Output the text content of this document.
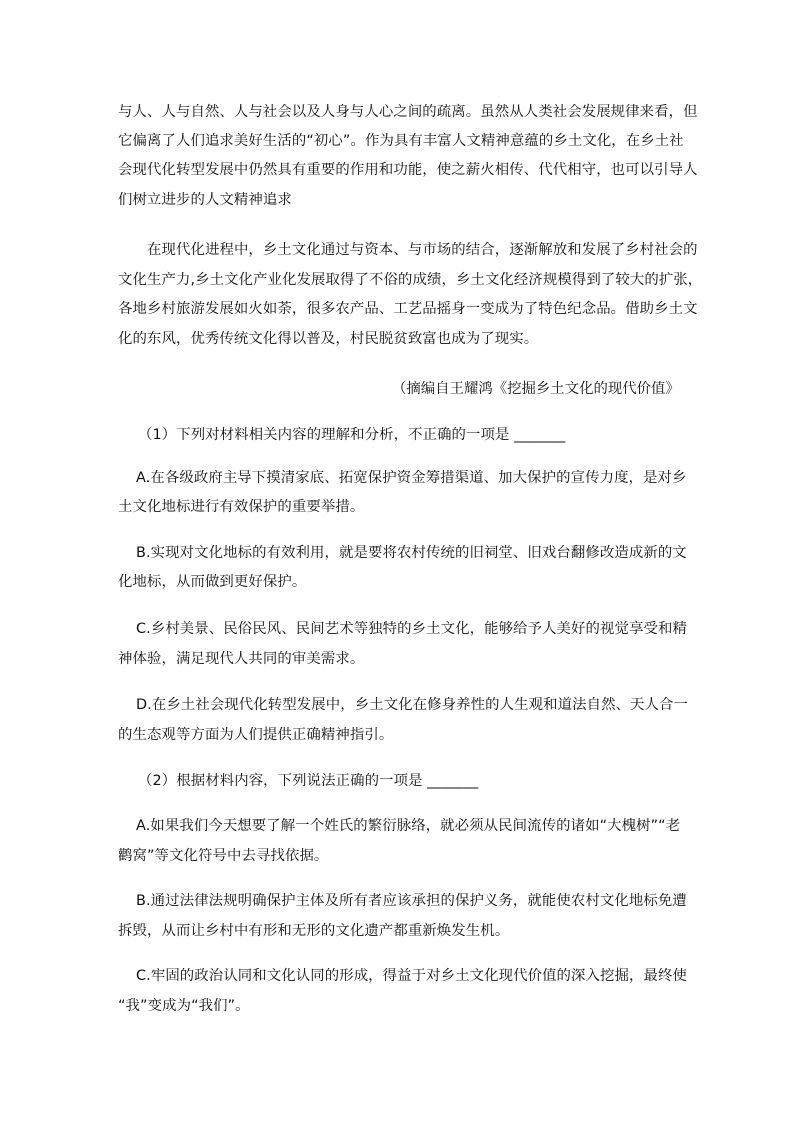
与人、人与自然、人与社会以及人身与人心之间的疏离。虽然从人类社会发展规律来看，但
它偏离了人们追求美好生活的“初心”。作为具有丰富人文精神意蕴的乡土文化，在乡土社
会现代化转型发展中仍然具有重要的作用和功能，使之薪火相传、代代相守，也可以引导人
们树立进步的人文精神追求
在现代化进程中，乡土文化通过与资本、与市场的结合，逐渐解放和发展了乡村社会的
文化生产力,乡土文化产业化发展取得了不俗的成绩，乡土文化经济规模得到了较大的扩张，
各地乡村旅游发展如火如荼，很多农产品、工艺品摇身一变成为了特色纪念品。借助乡土文
化的东风，优秀传统文化得以普及，村民脱贫致富也成为了现实。
（摘编自王耀鸿《挖掘乡土文化的现代价值》
（1）下列对材料相关内容的理解和分析，不正确的一项是 _______
A.在各级政府主导下摸清家底、拓宽保护资金筹措渠道、加大保护的宣传力度，是对乡
土文化地标进行有效保护的重要举措。
B.实现对文化地标的有效利用，就是要将农村传统的旧祠堂、旧戏台翻修改造成新的文
化地标，从而做到更好保护。
C.乡村美景、民俗民风、民间艺术等独特的乡土文化，能够给予人美好的视觉享受和精
神体验，满足现代人共同的审美需求。
D.在乡土社会现代化转型发展中，乡土文化在修身养性的人生观和道法自然、天人合一
的生态观等方面为人们提供正确精神指引。
（2）根据材料内容，下列说法正确的一项是 _______
A.如果我们今天想要了解一个姓氏的繁衍脉络，就必须从民间流传的诸如“大槐树”“老
鹳窝”等文化符号中去寻找依据。
B.通过法律法规明确保护主体及所有者应该承担的保护义务，就能使农村文化地标免遭
拆毁，从而让乡村中有形和无形的文化遗产都重新焕发生机。
C.牢固的政治认同和文化认同的形成，得益于对乡土文化现代价值的深入挖掘，最终使
“我”变成为“我们”。
